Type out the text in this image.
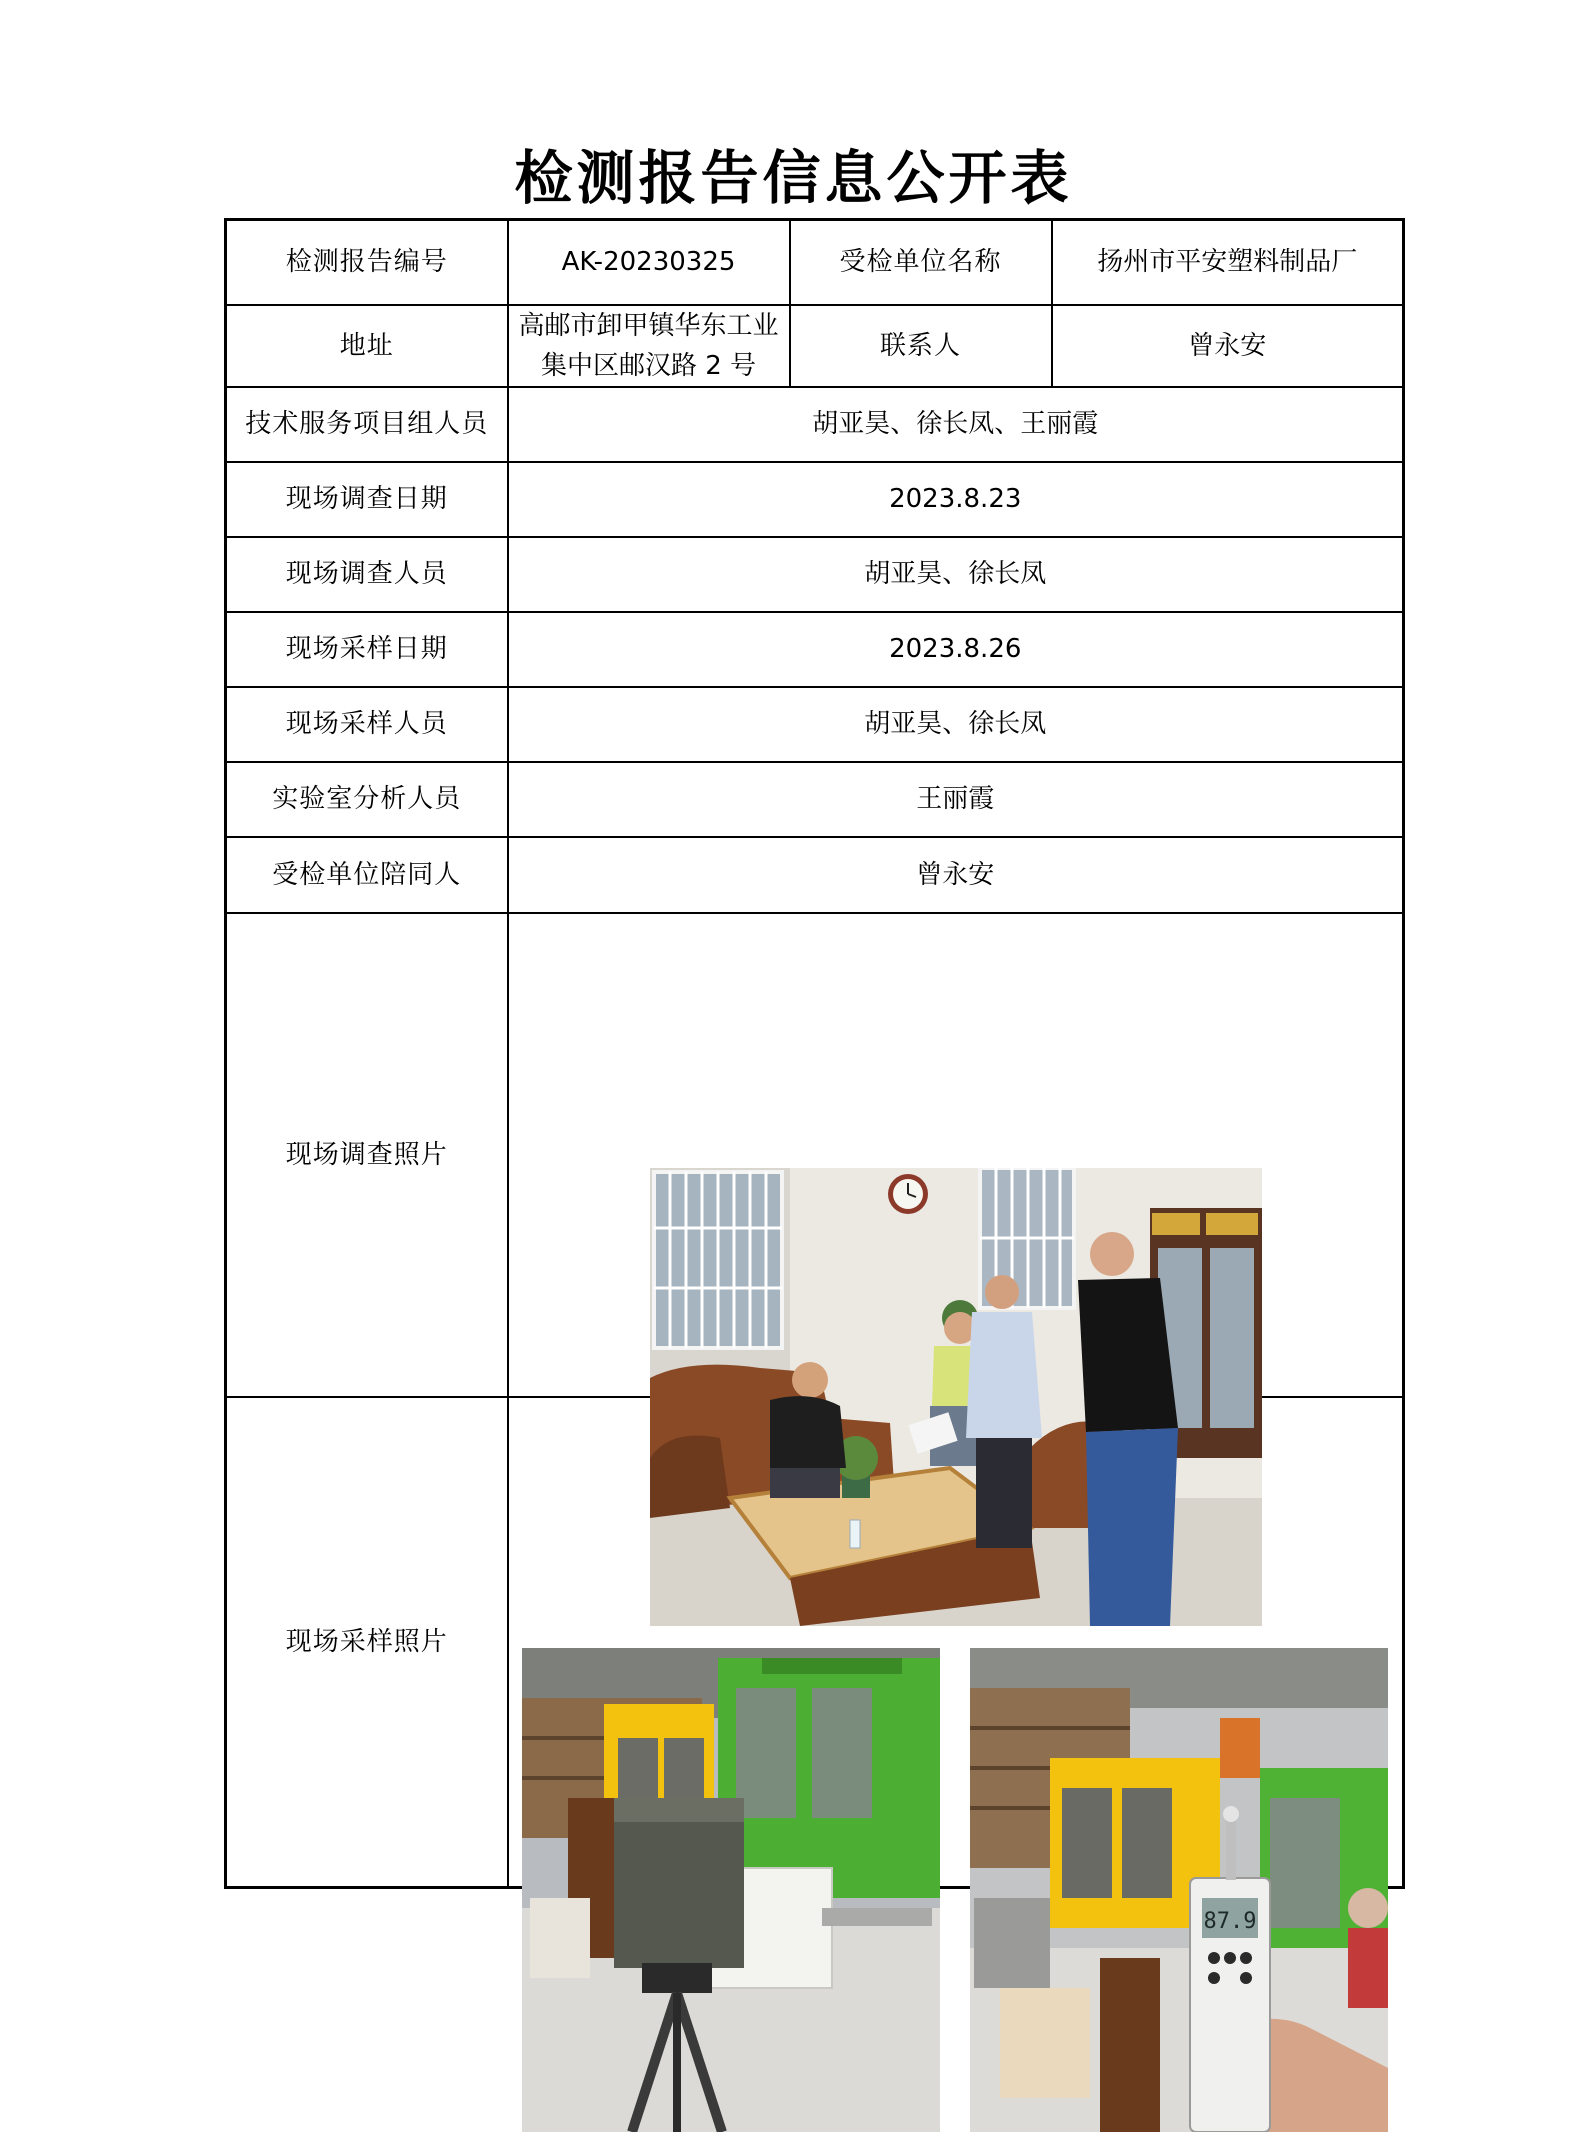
检测报告信息公开表
检测报告编号	AK-20230325	受检单位名称	扬州市平安塑料制品厂
地址	高邮市卸甲镇华东工业集中区邮汉路 2 号	联系人	曾永安
技术服务项目组人员	胡亚昊、徐长凤、王丽霞		
现场调查日期	2023.8.23		
现场调查人员	胡亚昊、徐长凤		
现场采样日期	2023.8.26		
现场采样人员	胡亚昊、徐长凤		
实验室分析人员	王丽霞		
受检单位陪同人	曾永安		
现场调查照片	

现场采样照片	87.9		
